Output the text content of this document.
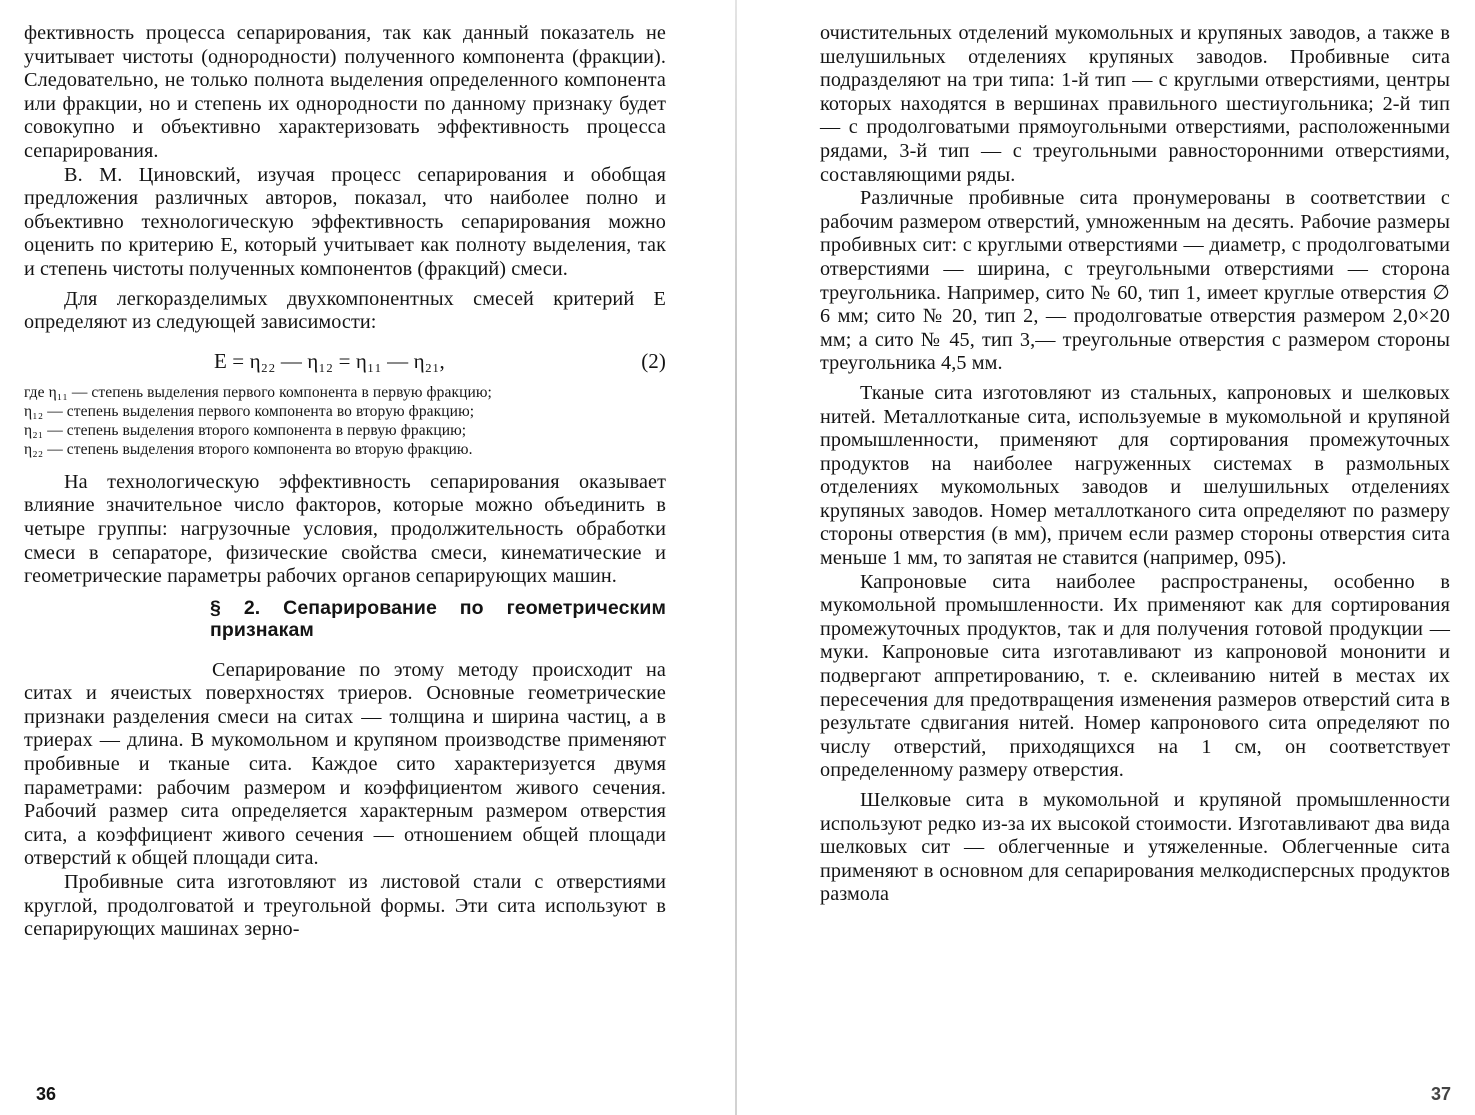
фективность процесса сепарирования, так как данный показатель не учитывает чистоты (однородности) полученного компонента (фракции). Следовательно, не только полнота выделения определенного компонента или фракции, но и степень их однородности по данному признаку будет совокупно и объективно характеризовать эффективность процесса сепарирования.

В. М. Циновский, изучая процесс сепарирования и обобщая предложения различных авторов, показал, что наиболее полно и объективно технологическую эффективность сепарирования можно оценить по критерию E, который учитывает как полноту выделения, так и степень чистоты полученных компонентов (фракций) смеси.

Для легкоразделимых двухкомпонентных смесей критерий E определяют из следующей зависимости:

E = η₂₂ — η₁₂ = η₁₁ — η₂₁,	(2)
где η₁₁ — степень выделения первого компонента в первую фракцию;
η₁₂ — степень выделения первого компонента во вторую фракцию;
η₂₁ — степень выделения второго компонента в первую фракцию;
η₂₂ — степень выделения второго компонента во вторую фракцию.

На технологическую эффективность сепарирования оказывает влияние значительное число факторов, которые можно объединить в четыре группы: нагрузочные условия, продолжительность обработки смеси в сепараторе, физические свойства смеси, кинематические и геометрические параметры рабочих органов сепарирующих машин.

§ 2. Сепарирование по геометрическим признакам

Сепарирование по этому методу происходит на ситах и ячеистых поверхностях триеров. Основные геометрические признаки разделения смеси на ситах — толщина и ширина частиц, а в триерах — длина. В мукомольном и крупяном производстве применяют пробивные и тканые сита. Каждое сито характеризуется двумя параметрами: рабочим размером и коэффициентом живого сечения. Рабочий размер сита определяется характерным размером отверстия сита, а коэффициент живого сечения — отношением общей площади отверстий к общей площади сита.

Пробивные сита изготовляют из листовой стали с отверстиями круглой, продолговатой и треугольной формы. Эти сита используют в сепарирующих машинах зерно-

36

очистительных отделений мукомольных и крупяных заводов, а также в шелушильных отделениях крупяных заводов. Пробивные сита подразделяют на три типа: 1-й тип — с круглыми отверстиями, центры которых находятся в вершинах правильного шестиугольника; 2-й тип — с продолговатыми прямоугольными отверстиями, расположенными рядами, 3-й тип — с треугольными равносторонними отверстиями, составляющими ряды.

Различные пробивные сита пронумерованы в соответствии с рабочим размером отверстий, умноженным на десять. Рабочие размеры пробивных сит: с круглыми отверстиями — диаметр, с продолговатыми отверстиями — ширина, с треугольными отверстиями — сторона треугольника. Например, сито № 60, тип 1, имеет круглые отверстия ∅ 6 мм; сито № 20, тип 2, — продолговатые отверстия размером 2,0×20 мм; а сито № 45, тип 3,— треугольные отверстия с размером стороны треугольника 4,5 мм.

Тканые сита изготовляют из стальных, капроновых и шелковых нитей. Металлотканые сита, используемые в мукомольной и крупяной промышленности, применяют для сортирования промежуточных продуктов на наиболее нагруженных системах в размольных отделениях мукомольных заводов и шелушильных отделениях крупяных заводов. Номер металлотканого сита определяют по размеру стороны отверстия (в мм), причем если размер стороны отверстия сита меньше 1 мм, то запятая не ставится (например, 095).

Капроновые сита наиболее распространены, особенно в мукомольной промышленности. Их применяют как для сортирования промежуточных продуктов, так и для получения готовой продукции — муки. Капроновые сита изготавливают из капроновой мононити и подвергают аппретированию, т. е. склеиванию нитей в местах их пересечения для предотвращения изменения размеров отверстий сита в результате сдвигания нитей. Номер капронового сита определяют по числу отверстий, приходящихся на 1 см, он соответствует определенному размеру отверстия.

Шелковые сита в мукомольной и крупяной промышленности используют редко из-за их высокой стоимости. Изготавливают два вида шелковых сит — облегченные и утяжеленные. Облегченные сита применяют в основном для сепарирования мелкодисперсных продуктов размола

37
